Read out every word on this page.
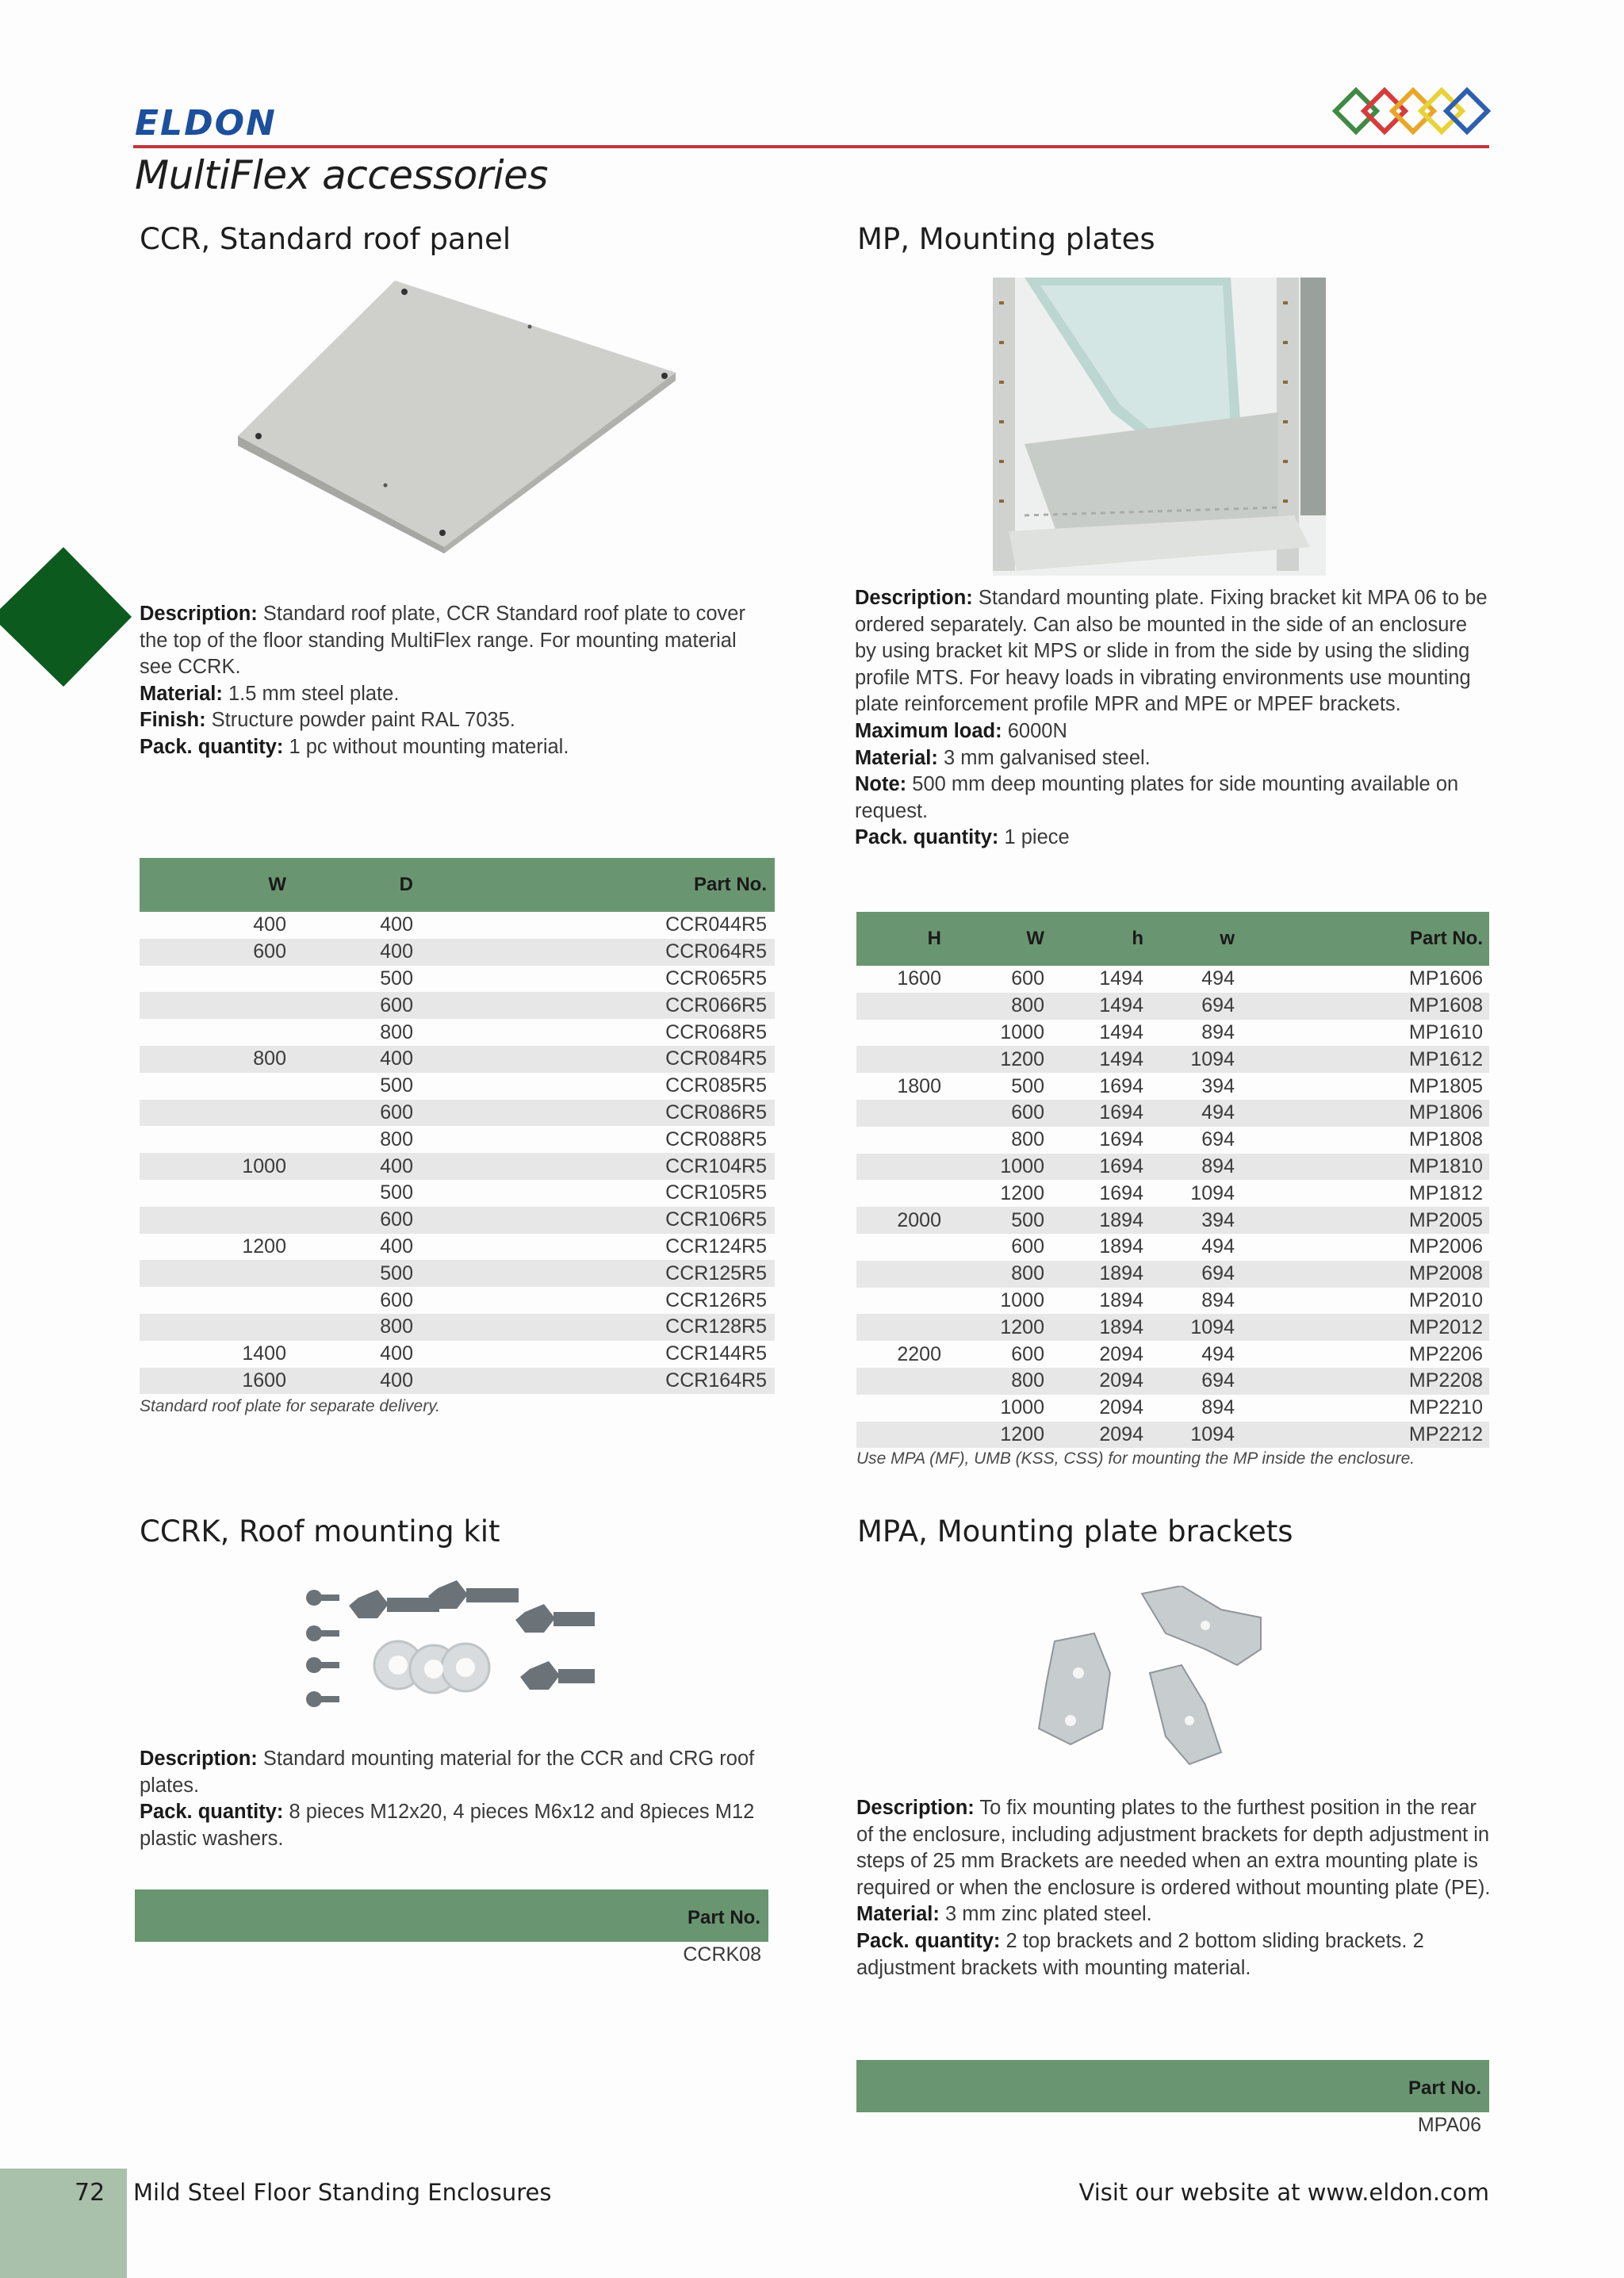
ELDON
MultiFlex accessories
CCR, Standard roof panel

Description: Standard roof plate, CCR Standard roof plate to cover the top of the floor standing MultiFlex range. For mounting material see CCRK.

Material: 1.5 mm steel plate.

Finish: Structure powder paint RAL 7035.

Pack. quantity: 1 pc without mounting material.

W	D	Part No.
400	400	CCR044R5
600	400	CCR064R5
	500	CCR065R5
	600	CCR066R5
	800	CCR068R5
800	400	CCR084R5
	500	CCR085R5
	600	CCR086R5
	800	CCR088R5
1000	400	CCR104R5
	500	CCR105R5
	600	CCR106R5
1200	400	CCR124R5
	500	CCR125R5
	600	CCR126R5
	800	CCR128R5
1400	400	CCR144R5
1600	400	CCR164R5
Standard roof plate for separate delivery.
MP, Mounting plates

Description: Standard mounting plate. Fixing bracket kit MPA 06 to be ordered separately. Can also be mounted in the side of an enclosure by using bracket kit MPS or slide in from the side by using the sliding profile MTS. For heavy loads in vibrating environments use mounting plate reinforcement profile MPR and MPE or MPEF brackets.

Maximum load: 6000N

Material: 3 mm galvanised steel.

Note: 500 mm deep mounting plates for side mounting available on request.

Pack. quantity: 1 piece

H	W	h	w	Part No.
1600	600	1494	494	MP1606
	800	1494	694	MP1608
	1000	1494	894	MP1610
	1200	1494	1094	MP1612
1800	500	1694	394	MP1805
	600	1694	494	MP1806
	800	1694	694	MP1808
	1000	1694	894	MP1810
	1200	1694	1094	MP1812
2000	500	1894	394	MP2005
	600	1894	494	MP2006
	800	1894	694	MP2008
	1000	1894	894	MP2010
	1200	1894	1094	MP2012
2200	600	2094	494	MP2206
	800	2094	694	MP2208
	1000	2094	894	MP2210
	1200	2094	1094	MP2212
Use MPA (MF), UMB (KSS, CSS) for mounting the MP inside the enclosure.
CCRK, Roof mounting kit

Description: Standard mounting material for the CCR and CRG roof plates.

Pack. quantity: 8 pieces M12x20, 4 pieces M6x12 and 8pieces M12 plastic washers.

Part No.
CCRK08
MPA, Mounting plate brackets

Description: To fix mounting plates to the furthest position in the rear of the enclosure, including adjustment brackets for depth adjustment in steps of 25 mm Brackets are needed when an extra mounting plate is required or when the enclosure is ordered without mounting plate (PE).

Material: 3 mm zinc plated steel.

Pack. quantity: 2 top brackets and 2 bottom sliding brackets. 2 adjustment brackets with mounting material.

Part No.
MPA06
72 Mild Steel Floor Standing Enclosures	Visit our website at www.eldon.com
